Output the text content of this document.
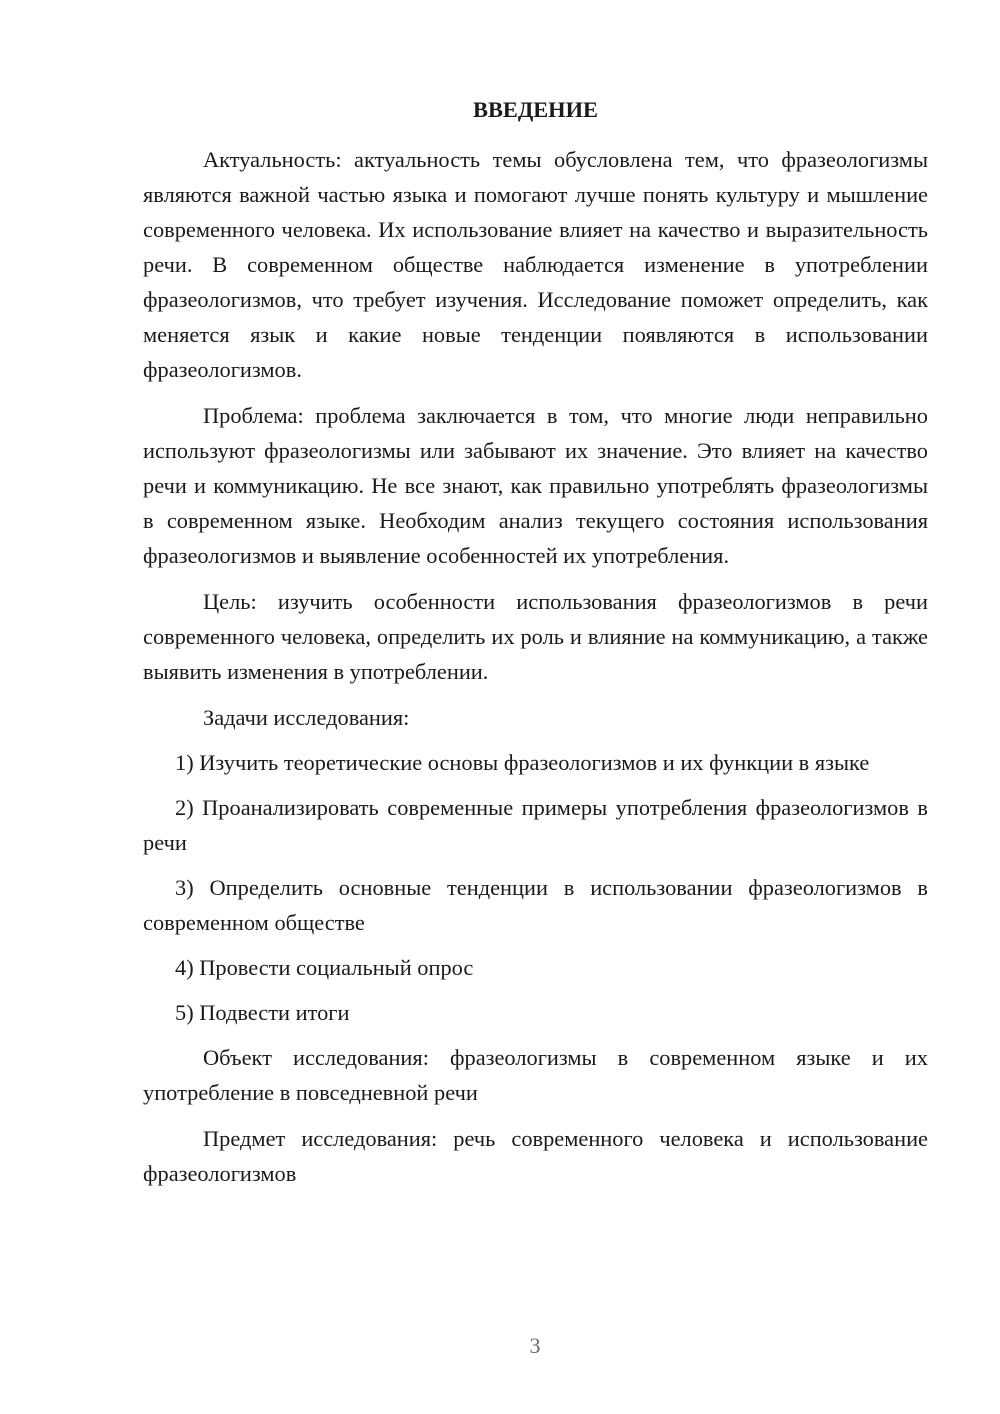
ВВЕДЕНИЕ

Актуальность: актуальность темы обусловлена тем, что фразеологизмы являются важной частью языка и помогают лучше понять культуру и мышление современного человека. Их использование влияет на качество и выразительность речи. В современном обществе наблюдается изменение в употреблении фразеологизмов, что требует изучения. Исследование поможет определить, как меняется язык и какие новые тенденции появляются в использовании фразеологизмов.

Проблема: проблема заключается в том, что многие люди неправильно используют фразеологизмы или забывают их значение. Это влияет на качество речи и коммуникацию. Не все знают, как правильно употреблять фразеологизмы в современном языке. Необходим анализ текущего состояния использования фразеологизмов и выявление особенностей их употребления.

Цель: изучить особенности использования фразеологизмов в речи современного человека, определить их роль и влияние на коммуникацию, а также выявить изменения в употреблении.

Задачи исследования:

1) Изучить теоретические основы фразеологизмов и их функции в языке

2) Проанализировать современные примеры употребления фразеологизмов в речи

3) Определить основные тенденции в использовании фразеологизмов в современном обществе

4) Провести социальный опрос

5) Подвести итоги

Объект исследования: фразеологизмы в современном языке и их употребление в повседневной речи

Предмет исследования: речь современного человека и использование фразеологизмов

3
